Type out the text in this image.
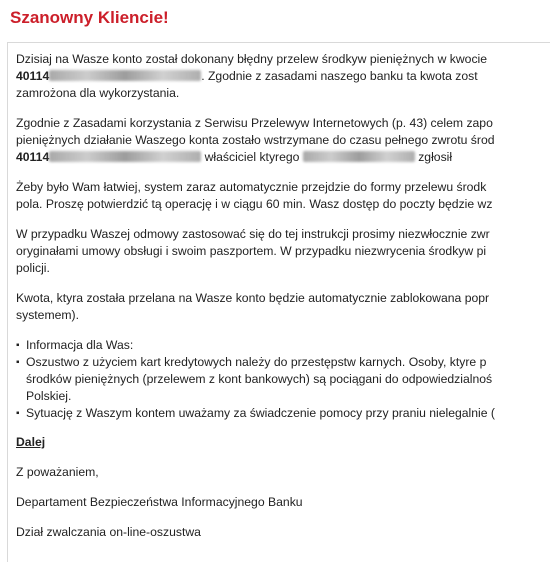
Szanowny Kliencie!

Dzisiaj na Wasze konto został dokonany błędny przelew środkyw pieniężnych w kwocie
40114	. Zgodnie z zasadami naszego banku ta kwota zost
zamrożona dla wykorzystania.

Zgodnie z Zasadami korzystania z Serwisu Przelewyw Internetowych (p. 43) celem zapo
pieniężnych działanie Waszego konta zostało wstrzymane do czasu pełnego zwrotu środ
40114	właściciel ktyrego	zgłosił

Żeby było Wam łatwiej, system zaraz automatycznie przejdzie do formy przelewu środk
pola. Proszę potwierdzić tą operację i w ciągu 60 min. Wasz dostęp do poczty będzie wz

W przypadku Waszej odmowy zastosować się do tej instrukcji prosimy niezwłocznie zwr
oryginałami umowy obsługi i swoim paszportem. W przypadku niezwrycenia środkyw pi
policji.

Kwota, ktyra została przelana na Wasze konto będzie automatycznie zablokowana popr
systemem).

▪ Informacja dla Was:
▪ Oszustwo z użyciem kart kredytowych należy do przestępstw karnych. Osoby, ktyre p
środków pieniężnych (przelewem z kont bankowych) są pociągani do odpowiedzialnoś
Polskiej.
▪ Sytuację z Waszym kontem uważamy za świadczenie pomocy przy praniu nielegalnie (
Dalej

Z poważaniem,

Departament Bezpieczeństwa Informacyjnego Banku

Dział zwalczania on-line-oszustwa
